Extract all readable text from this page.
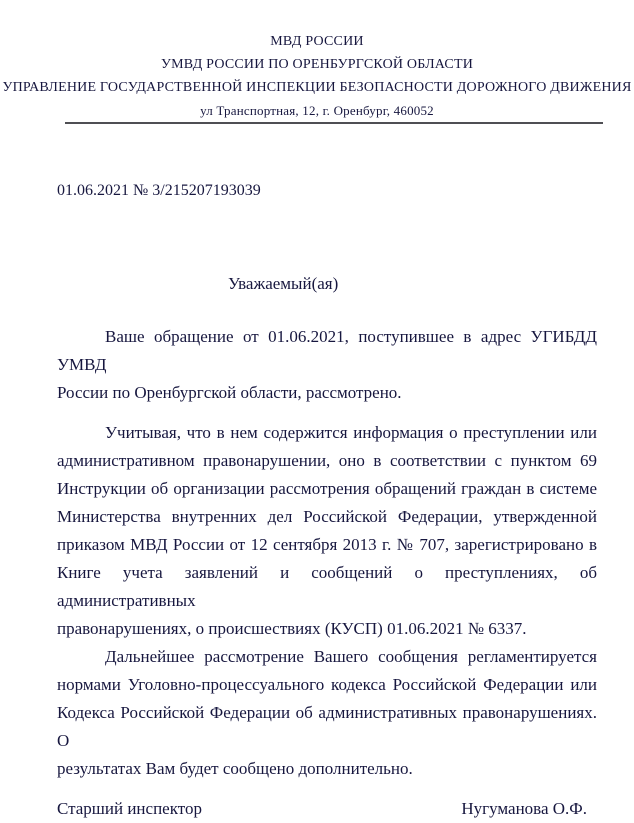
МВД РОССИИ
УМВД РОССИИ ПО ОРЕНБУРГСКОЙ ОБЛАСТИ
УПРАВЛЕНИЕ ГОСУДАРСТВЕННОЙ ИНСПЕКЦИИ БЕЗОПАСНОСТИ ДОРОЖНОГО ДВИЖЕНИЯ
ул Транспортная, 12, г. Оренбург, 460052
01.06.2021 № 3/215207193039
Уважаемый(ая)

Ваше обращение от 01.06.2021, поступившее в адрес УГИБДД УМВД
России по Оренбургской области, рассмотрено.

Учитывая, что в нем содержится информация о преступлении или
административном правонарушении, оно в соответствии с пунктом 69
Инструкции об организации рассмотрения обращений граждан в системе
Министерства внутренних дел Российской Федерации, утвержденной
приказом МВД России от 12 сентября 2013 г. № 707, зарегистрировано в
Книге учета заявлений и сообщений о преступлениях, об административных
правонарушениях, о происшествиях (КУСП) 01.06.2021 № 6337.

Дальнейшее рассмотрение Вашего сообщения регламентируется
нормами Уголовно-процессуального кодекса Российской Федерации или
Кодекса Российской Федерации об административных правонарушениях. О
результатах Вам будет сообщено дополнительно.

Старший инспектор	Нугуманова О.Ф.
